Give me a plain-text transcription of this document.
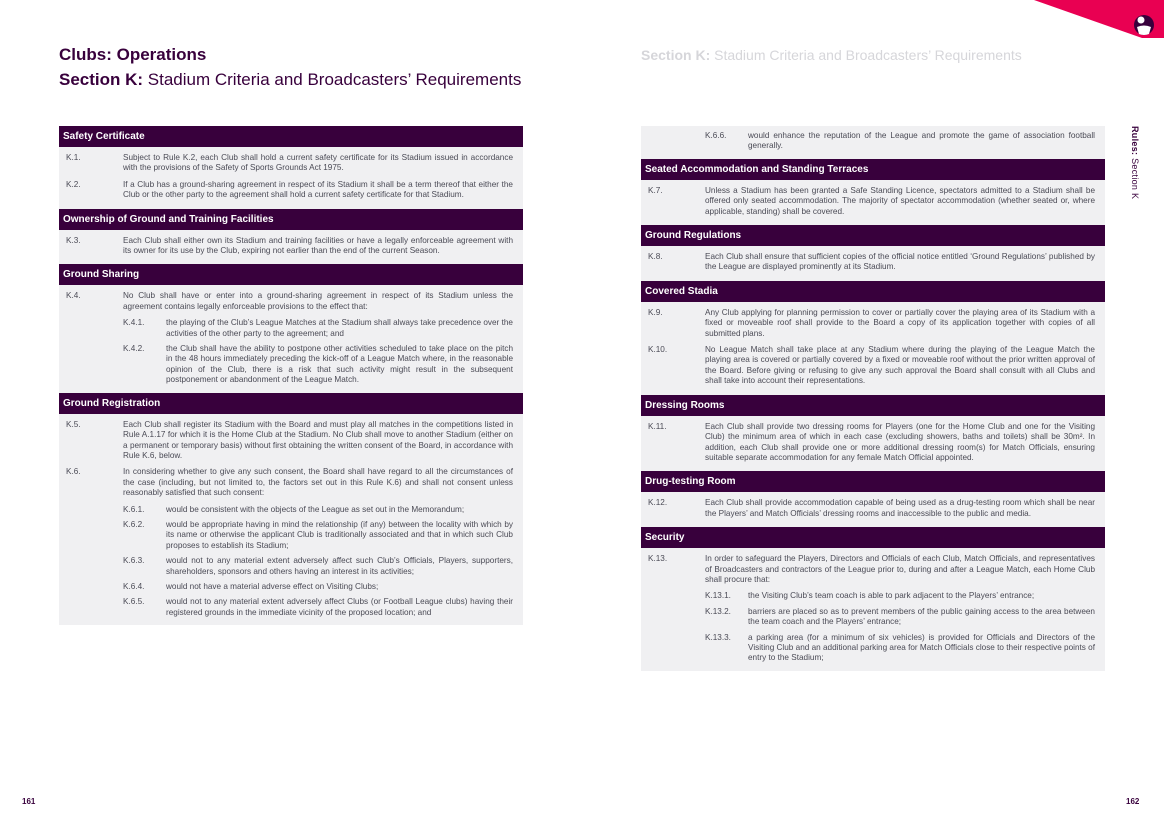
Clubs: Operations
Section K: Stadium Criteria and Broadcasters’ Requirements
Section K: Stadium Criteria and Broadcasters’ Requirements
Rules: Section K
Safety Certificate
K.1.	Subject to Rule K.2, each Club shall hold a current safety certificate for its Stadium issued in accordance with the provisions of the Safety of Sports Grounds Act 1975.
K.2.	If a Club has a ground-sharing agreement in respect of its Stadium it shall be a term thereof that either the Club or the other party to the agreement shall hold a current safety certificate for that Stadium.
Ownership of Ground and Training Facilities
K.3.	Each Club shall either own its Stadium and training facilities or have a legally enforceable agreement with its owner for its use by the Club, expiring not earlier than the end of the current Season.
Ground Sharing
K.4.	No Club shall have or enter into a ground-sharing agreement in respect of its Stadium unless the agreement contains legally enforceable provisions to the effect that:
K.4.1.	the playing of the Club’s League Matches at the Stadium shall always take precedence over the activities of the other party to the agreement; and
K.4.2.	the Club shall have the ability to postpone other activities scheduled to take place on the pitch in the 48 hours immediately preceding the kick-off of a League Match where, in the reasonable opinion of the Club, there is a risk that such activity might result in the subsequent postponement or abandonment of the League Match.
Ground Registration
K.5.	Each Club shall register its Stadium with the Board and must play all matches in the competitions listed in Rule A.1.17 for which it is the Home Club at the Stadium. No Club shall move to another Stadium (either on a permanent or temporary basis) without first obtaining the written consent of the Board, in accordance with Rule K.6, below.
K.6.	In considering whether to give any such consent, the Board shall have regard to all the circumstances of the case (including, but not limited to, the factors set out in this Rule K.6) and shall not consent unless reasonably satisfied that such consent:
K.6.1.	would be consistent with the objects of the League as set out in the Memorandum;
K.6.2.	would be appropriate having in mind the relationship (if any) between the locality with which by its name or otherwise the applicant Club is traditionally associated and that in which such Club proposes to establish its Stadium;
K.6.3.	would not to any material extent adversely affect such Club’s Officials, Players, supporters, shareholders, sponsors and others having an interest in its activities;
K.6.4.	would not have a material adverse effect on Visiting Clubs;
K.6.5.	would not to any material extent adversely affect Clubs (or Football League clubs) having their registered grounds in the immediate vicinity of the proposed location; and
K.6.6.	would enhance the reputation of the League and promote the game of association football generally.
Seated Accommodation and Standing Terraces
K.7.	Unless a Stadium has been granted a Safe Standing Licence, spectators admitted to a Stadium shall be offered only seated accommodation. The majority of spectator accommodation (whether seated or, where applicable, standing) shall be covered.
Ground Regulations
K.8.	Each Club shall ensure that sufficient copies of the official notice entitled ‘Ground Regulations’ published by the League are displayed prominently at its Stadium.
Covered Stadia
K.9.	Any Club applying for planning permission to cover or partially cover the playing area of its Stadium with a fixed or moveable roof shall provide to the Board a copy of its application together with copies of all submitted plans.
K.10.	No League Match shall take place at any Stadium where during the playing of the League Match the playing area is covered or partially covered by a fixed or moveable roof without the prior written approval of the Board. Before giving or refusing to give any such approval the Board shall consult with all Clubs and shall take into account their representations.
Dressing Rooms
K.11.	Each Club shall provide two dressing rooms for Players (one for the Home Club and one for the Visiting Club) the minimum area of which in each case (excluding showers, baths and toilets) shall be 30m². In addition, each Club shall provide one or more additional dressing room(s) for Match Officials, ensuring suitable separate accommodation for any female Match Official appointed.
Drug-testing Room
K.12.	Each Club shall provide accommodation capable of being used as a drug-testing room which shall be near the Players’ and Match Officials’ dressing rooms and inaccessible to the public and media.
Security
K.13.	In order to safeguard the Players, Directors and Officials of each Club, Match Officials, and representatives of Broadcasters and contractors of the League prior to, during and after a League Match, each Home Club shall procure that:
K.13.1.	the Visiting Club’s team coach is able to park adjacent to the Players’ entrance;
K.13.2.	barriers are placed so as to prevent members of the public gaining access to the area between the team coach and the Players’ entrance;
K.13.3.	a parking area (for a minimum of six vehicles) is provided for Officials and Directors of the Visiting Club and an additional parking area for Match Officials close to their respective points of entry to the Stadium;
161	162
